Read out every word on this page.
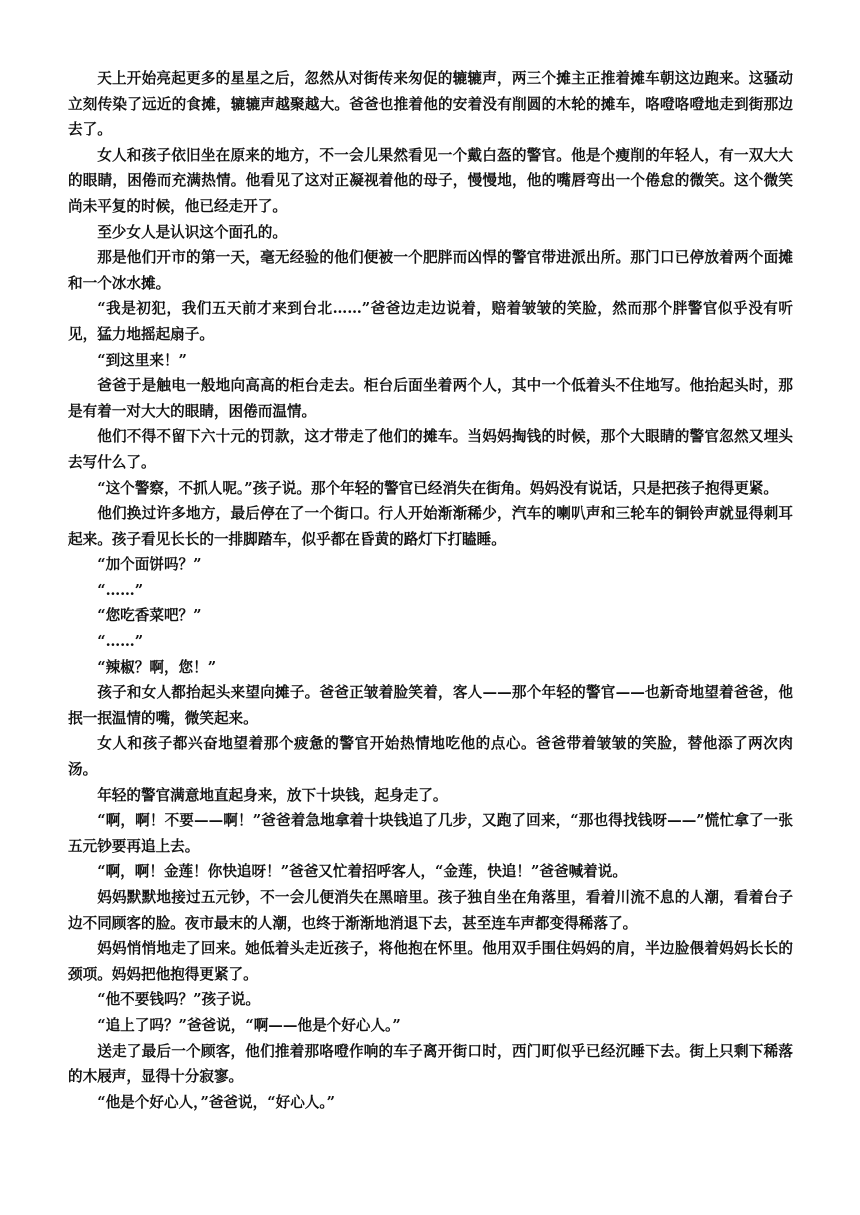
天上开始亮起更多的星星之后，忽然从对街传来匆促的辘辘声，两三个摊主正推着摊车朝这边跑来。这骚动立刻传染了远近的食摊，辘辘声越聚越大。爸爸也推着他的安着没有削圆的木轮的摊车，咯噔咯噔地走到街那边去了。

女人和孩子依旧坐在原来的地方，不一会儿果然看见一个戴白盔的警官。他是个瘦削的年轻人，有一双大大的眼睛，困倦而充满热情。他看见了这对正凝视着他的母子，慢慢地，他的嘴唇弯出一个倦怠的微笑。这个微笑尚未平复的时候，他已经走开了。

至少女人是认识这个面孔的。

那是他们开市的第一天，毫无经验的他们便被一个肥胖而凶悍的警官带进派出所。那门口已停放着两个面摊和一个冰水摊。

“我是初犯，我们五天前才来到台北……”爸爸边走边说着，赔着皱皱的笑脸，然而那个胖警官似乎没有听见，猛力地摇起扇子。

“到这里来！”

爸爸于是触电一般地向高高的柜台走去。柜台后面坐着两个人，其中一个低着头不住地写。他抬起头时，那是有着一对大大的眼睛，困倦而温情。

他们不得不留下六十元的罚款，这才带走了他们的摊车。当妈妈掏钱的时候，那个大眼睛的警官忽然又埋头去写什么了。

“这个警察，不抓人呢。”孩子说。那个年轻的警官已经消失在街角。妈妈没有说话，只是把孩子抱得更紧。

他们换过许多地方，最后停在了一个街口。行人开始渐渐稀少，汽车的喇叭声和三轮车的铜铃声就显得刺耳起来。孩子看见长长的一排脚踏车，似乎都在昏黄的路灯下打瞌睡。

“加个面饼吗？”

“……”

“您吃香菜吧？”

“……”

“辣椒？啊，您！”

孩子和女人都抬起头来望向摊子。爸爸正皱着脸笑着，客人——那个年轻的警官——也新奇地望着爸爸，他抿一抿温情的嘴，微笑起来。

女人和孩子都兴奋地望着那个疲惫的警官开始热情地吃他的点心。爸爸带着皱皱的笑脸，替他添了两次肉汤。

年轻的警官满意地直起身来，放下十块钱，起身走了。

“啊，啊！不要——啊！”爸爸着急地拿着十块钱追了几步，又跑了回来，“那也得找钱呀——”慌忙拿了一张五元钞要再追上去。

“啊，啊！金莲！你快追呀！”爸爸又忙着招呼客人，“金莲，快追！”爸爸喊着说。

妈妈默默地接过五元钞，不一会儿便消失在黑暗里。孩子独自坐在角落里，看着川流不息的人潮，看着台子边不同顾客的脸。夜市最末的人潮，也终于渐渐地消退下去，甚至连车声都变得稀落了。

妈妈悄悄地走了回来。她低着头走近孩子，将他抱在怀里。他用双手围住妈妈的肩，半边脸偎着妈妈长长的颈项。妈妈把他抱得更紧了。

“他不要钱吗？”孩子说。

“追上了吗？”爸爸说，“啊——他是个好心人。”

送走了最后一个顾客，他们推着那咯噔作响的车子离开街口时，西门町似乎已经沉睡下去。街上只剩下稀落的木屐声，显得十分寂寥。

“他是个好心人，”爸爸说，“好心人。”
